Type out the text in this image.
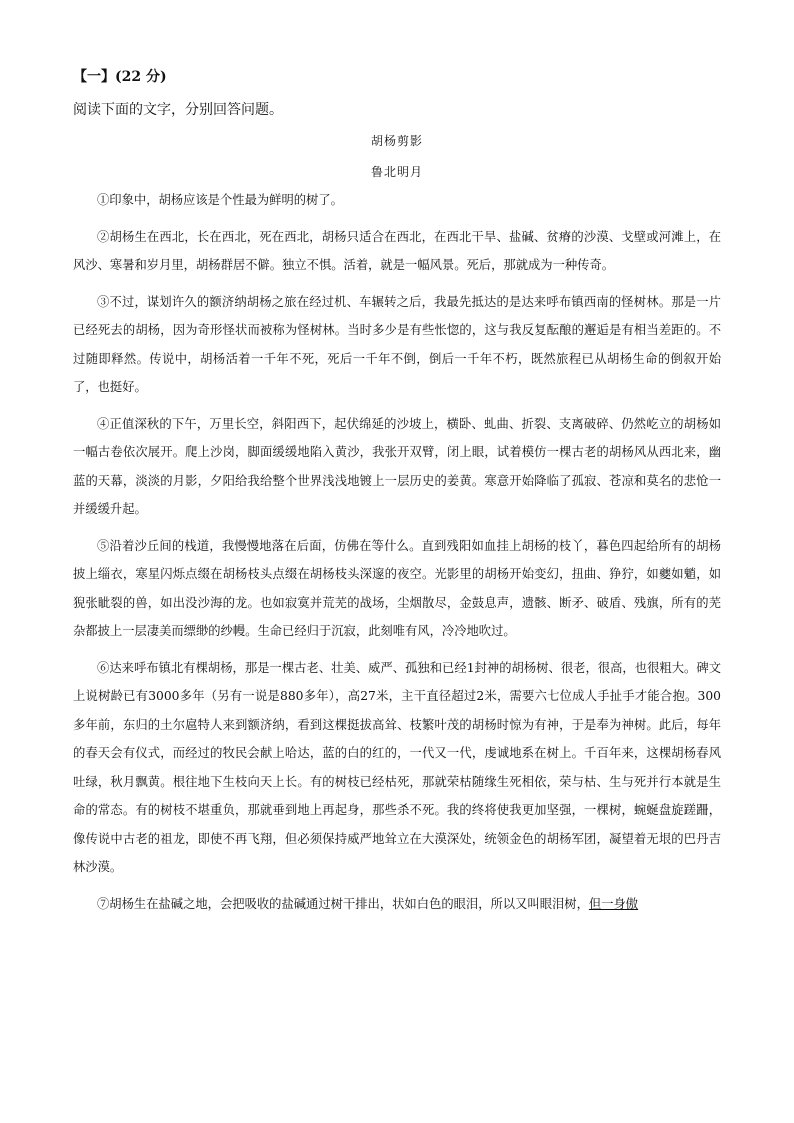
【一】(22 分)
阅读下面的文字，分别回答问题。
胡杨剪影
鲁北明月

①印象中，胡杨应该是个性最为鲜明的树了。

②胡杨生在西北，长在西北，死在西北，胡杨只适合在西北，在西北干旱、盐碱、贫瘠的沙漠、戈壁或河滩上，在风沙、寒暑和岁月里，胡杨群居不僻。独立不惧。活着，就是一幅风景。死后，那就成为一种传奇。

③不过，谋划许久的额济纳胡杨之旅在经过机、车辗转之后，我最先抵达的是达来呼布镇西南的怪树林。那是一片已经死去的胡杨，因为奇形怪状而被称为怪树林。当时多少是有些怅惚的，这与我反复酝酿的邂逅是有相当差距的。不过随即释然。传说中，胡杨活着一千年不死，死后一千年不倒，倒后一千年不朽，既然旅程已从胡杨生命的倒叙开始了，也挺好。

④正值深秋的下午，万里长空，斜阳西下，起伏绵延的沙坡上，横卧、虬曲、折裂、支离破碎、仍然屹立的胡杨如一幅古卷依次展开。爬上沙岗，脚面缓缓地陷入黄沙，我张开双臂，闭上眼，试着模仿一棵古老的胡杨风从西北来，幽蓝的天幕，淡淡的月影，夕阳给我给整个世界浅浅地镀上一层历史的姜黄。寒意开始降临了孤寂、苍凉和莫名的悲怆一并缓缓升起。

⑤沿着沙丘间的栈道，我慢慢地落在后面，仿佛在等什么。直到残阳如血挂上胡杨的枝丫，暮色四起给所有的胡杨披上缁衣，寒星闪烁点缀在胡杨枝头点缀在胡杨枝头深邃的夜空。光影里的胡杨开始变幻，扭曲、狰狞，如夔如魈，如猊张眦裂的兽，如出没沙海的龙。也如寂寞并荒芜的战场，尘烟散尽，金鼓息声，遗骸、断矛、破盾、残旗，所有的芜杂都披上一层凄美而缥缈的纱幔。生命已经归于沉寂，此刻唯有风，冷冷地吹过。

⑥达来呼布镇北有棵胡杨，那是一棵古老、壮美、威严、孤独和已经1封神的胡杨树、很老，很高，也很粗大。碑文上说树龄已有3000多年（另有一说是880多年），高27米，主干直径超过2米，需要六七位成人手扯手才能合抱。300多年前，东归的土尔扈特人来到额济纳，看到这棵挺拔高耸、枝繁叶茂的胡杨时惊为有神，于是奉为神树。此后，每年的春天会有仪式，而经过的牧民会献上哈达，蓝的白的红的，一代又一代，虔诚地系在树上。千百年来，这棵胡杨春风吐绿，秋月飘黄。根往地下生枝向天上长。有的树枝已经枯死，那就荣枯随缘生死相依，荣与枯、生与死并行本就是生命的常态。有的树枝不堪重负，那就垂到地上再起身，那些杀不死。我的终将使我更加坚强，一棵树，蜿蜒盘旋蹉跚，像传说中古老的祖龙，即使不再飞翔，但必须保持威严地耸立在大漠深处，统领金色的胡杨军团，凝望着无垠的巴丹吉林沙漠。

⑦胡杨生在盐碱之地，会把吸收的盐碱通过树干排出，状如白色的眼泪，所以又叫眼泪树，但一身傲
